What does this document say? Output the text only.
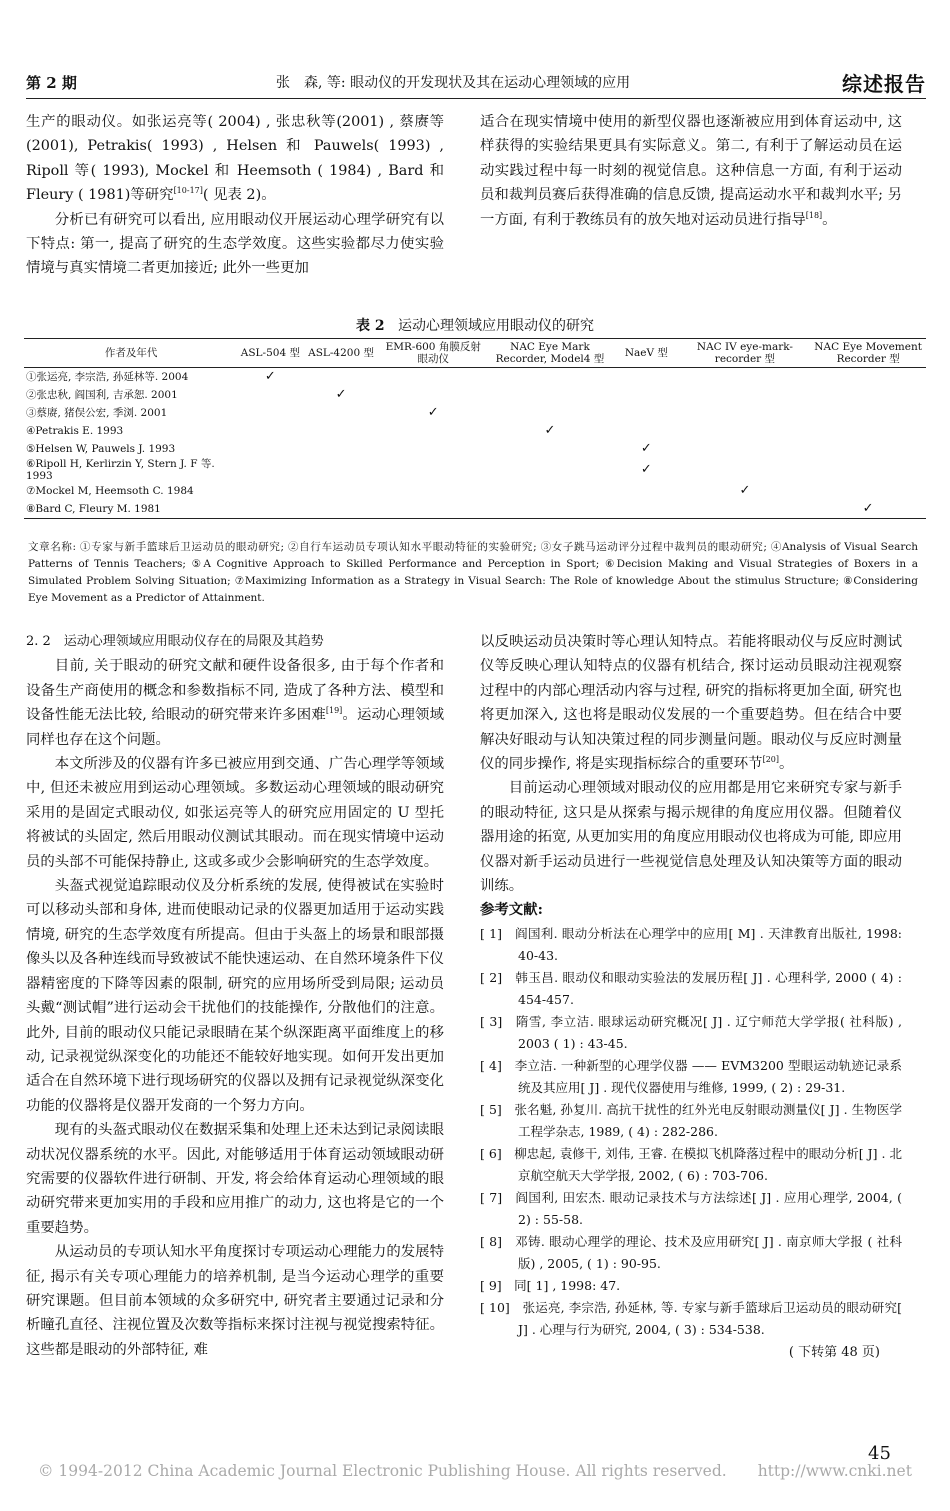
第 2 期	张　森, 等: 眼动仪的开发现状及其在运动心理领域的应用	综述报告

生产的眼动仪。如张运亮等( 2004) , 张忠秋等(2001) , 蔡赓等(2001), Petrakis( 1993) , Helsen 和 Pauwels( 1993) , Ripoll 等( 1993), Mockel 和 Heemsoth ( 1984) , Bard 和 Fleury ( 1981)等研究[10-17]( 见表 2)。

分析已有研究可以看出, 应用眼动仪开展运动心理学研究有以下特点: 第一, 提高了研究的生态学效度。这些实验都尽力使实验情境与真实情境二者更加接近; 此外一些更加

适合在现实情境中使用的新型仪器也逐渐被应用到体育运动中, 这样获得的实验结果更具有实际意义。第二, 有利于了解运动员在运动实践过程中每一时刻的视觉信息。这种信息一方面, 有利于运动员和裁判员赛后获得准确的信息反馈, 提高运动水平和裁判水平; 另一方面, 有利于教练员有的放矢地对运动员进行指导[18]。

表 2 运动心理领域应用眼动仪的研究
作者及年代	ASL-504 型	ASL-4200 型	EMR-600 角膜反射眼动仪	NAC Eye Mark Recorder, Model4 型	NaeV 型	NAC IV eye-mark-recorder 型	NAC Eye Movement Recorder 型
①张运亮, 李宗浩, 孙延林等. 2004	✓						
②张忠秋, 阎国利, 吉承恕. 2001		✓					
③蔡赓, 猪俣公宏, 季浏. 2001			✓				
④Petrakis E. 1993				✓			
⑤Helsen W, Pauwels J. 1993					✓		
⑥Ripoll H, Kerlirzin Y, Stern J. F 等. 1993					✓		
⑦Mockel M, Heemsoth C. 1984						✓	
⑧Bard C, Fleury M. 1981							✓
文章名称: ①专家与新手篮球后卫运动员的眼动研究; ②自行车运动员专项认知水平眼动特征的实验研究; ③女子跳马运动评分过程中裁判员的眼动研究; ④Analysis of Visual Search Patterns of Tennis Teachers; ⑤A Cognitive Approach to Skilled Performance and Perception in Sport; ⑥Decision Making and Visual Strategies of Boxers in a Simulated Problem Solving Situation; ⑦Maximizing Information as a Strategy in Visual Search: The Role of knowledge About the stimulus Structure; ⑧Considering Eye Movement as a Predictor of Attainment.

2. 2　运动心理领域应用眼动仪存在的局限及其趋势

目前, 关于眼动的研究文献和硬件设备很多, 由于每个作者和设备生产商使用的概念和参数指标不同, 造成了各种方法、模型和设备性能无法比较, 给眼动的研究带来许多困难[19]。运动心理领域同样也存在这个问题。

本文所涉及的仪器有许多已被应用到交通、广告心理学等领域中, 但还未被应用到运动心理领域。多数运动心理领域的眼动研究采用的是固定式眼动仪, 如张运亮等人的研究应用固定的 U 型托将被试的头固定, 然后用眼动仪测试其眼动。而在现实情境中运动员的头部不可能保持静止, 这或多或少会影响研究的生态学效度。

头盔式视觉追踪眼动仪及分析系统的发展, 使得被试在实验时可以移动头部和身体, 进而使眼动记录的仪器更加适用于运动实践情境, 研究的生态学效度有所提高。但由于头盔上的场景和眼部摄像头以及各种连线而导致被试不能快速运动、在自然环境条件下仪器精密度的下降等因素的限制, 研究的应用场所受到局限; 运动员头戴“测试帽”进行运动会干扰他们的技能操作, 分散他们的注意。此外, 目前的眼动仪只能记录眼睛在某个纵深距离平面维度上的移动, 记录视觉纵深变化的功能还不能较好地实现。如何开发出更加适合在自然环境下进行现场研究的仪器以及拥有记录视觉纵深变化功能的仪器将是仪器开发商的一个努力方向。

现有的头盔式眼动仪在数据采集和处理上还未达到记录阅读眼动状况仪器系统的水平。因此, 对能够适用于体育运动领域眼动研究需要的仪器软件进行研制、开发, 将会给体育运动心理领域的眼动研究带来更加实用的手段和应用推广的动力, 这也将是它的一个重要趋势。

从运动员的专项认知水平角度探讨专项运动心理能力的发展特征, 揭示有关专项心理能力的培养机制, 是当今运动心理学的重要研究课题。但目前本领域的众多研究中, 研究者主要通过记录和分析瞳孔直径、注视位置及次数等指标来探讨注视与视觉搜索特征。这些都是眼动的外部特征, 难

以反映运动员决策时等心理认知特点。若能将眼动仪与反应时测试仪等反映心理认知特点的仪器有机结合, 探讨运动员眼动注视观察过程中的内部心理活动内容与过程, 研究的指标将更加全面, 研究也将更加深入, 这也将是眼动仪发展的一个重要趋势。但在结合中要解决好眼动与认知决策过程的同步测量问题。眼动仪与反应时测量仪的同步操作, 将是实现指标综合的重要环节[20]。

目前运动心理领域对眼动仪的应用都是用它来研究专家与新手的眼动特征, 这只是从探索与揭示规律的角度应用仪器。但随着仪器用途的拓宽, 从更加实用的角度应用眼动仪也将成为可能, 即应用仪器对新手运动员进行一些视觉信息处理及认知决策等方面的眼动训练。

参考文献:

[ 1]　阎国利. 眼动分析法在心理学中的应用[ M] . 天津教育出版社, 1998: 40-43.

[ 2]　韩玉昌. 眼动仪和眼动实验法的发展历程[ J] . 心理科学, 2000 ( 4) : 454-457.

[ 3]　隋雪, 李立洁. 眼球运动研究概况[ J] . 辽宁师范大学学报( 社科版) , 2003 ( 1) : 43-45.

[ 4]　李立洁. 一种新型的心理学仪器 —— EVM3200 型眼运动轨迹记录系统及其应用[ J] . 现代仪器使用与维修, 1999, ( 2) : 29-31.

[ 5]　张名魁, 孙复川. 高抗干扰性的红外光电反射眼动测量仪[ J] . 生物医学工程学杂志, 1989, ( 4) : 282-286.

[ 6]　柳忠起, 袁修干, 刘伟, 王睿. 在模拟飞机降落过程中的眼动分析[ J] . 北京航空航天大学学报, 2002, ( 6) : 703-706.

[ 7]　阎国利, 田宏杰. 眼动记录技术与方法综述[ J] . 应用心理学, 2004, ( 2) : 55-58.

[ 8]　邓铸. 眼动心理学的理论、技术及应用研究[ J] . 南京师大学报 ( 社科版) , 2005, ( 1) : 90-95.

[ 9]　同[ 1] , 1998: 47.

[ 10]　张运亮, 李宗浩, 孙延林, 等. 专家与新手篮球后卫运动员的眼动研究[ J] . 心理与行为研究, 2004, ( 3) : 534-538.

( 下转第 48 页)

45
© 1994-2012 China Academic Journal Electronic Publishing House. All rights reserved.　　http://www.cnki.net
